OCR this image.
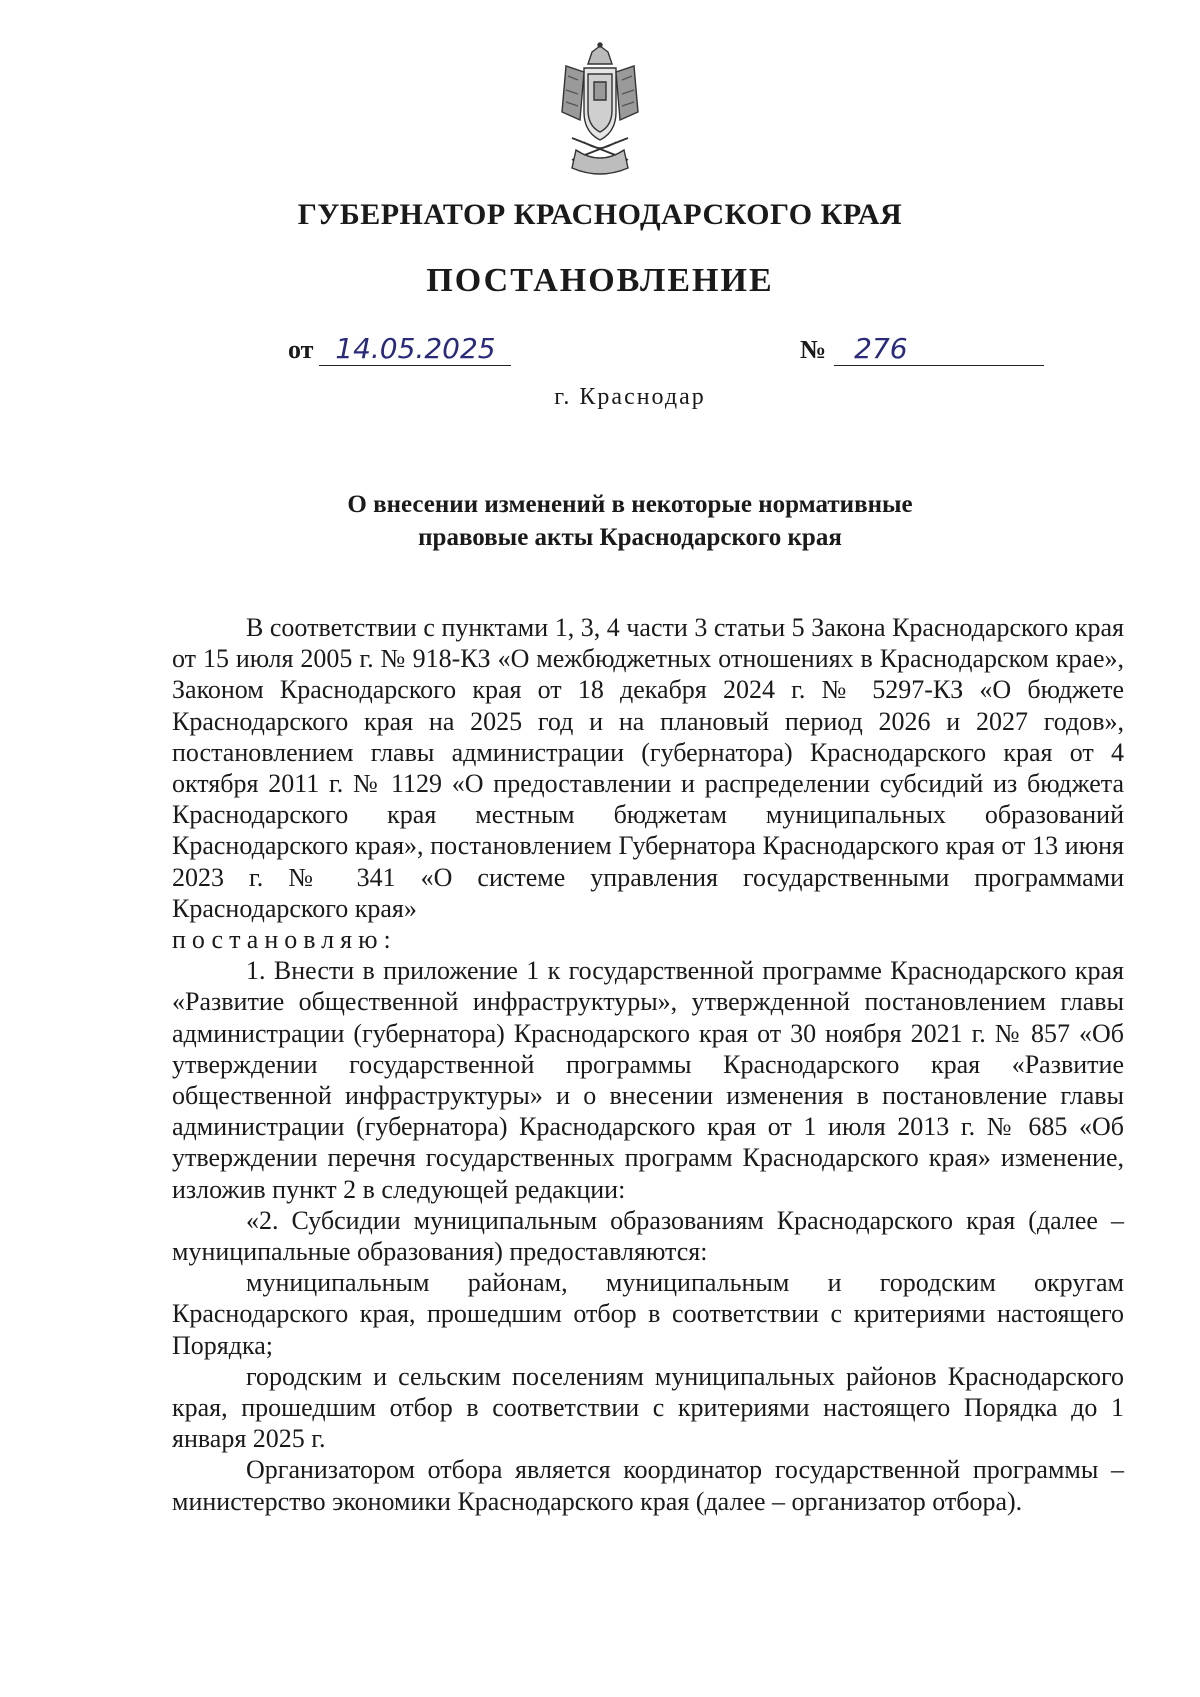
ГУБЕРНАТОР КРАСНОДАРСКОГО КРАЯ
ПОСТАНОВЛЕНИЕ
от 14.05.2025	№ 276
г. Краснодар
О внесении изменений в некоторые нормативные
правовые акты Краснодарского края

В соответствии с пунктами 1, 3, 4 части 3 статьи 5 Закона Краснодарского края от 15 июля 2005 г. № 918-КЗ «О межбюджетных отношениях в Краснодарском крае», Законом Краснодарского края от 18 декабря 2024 г. № 5297-КЗ «О бюджете Краснодарского края на 2025 год и на плановый период 2026 и 2027 годов», постановлением главы администрации (губернатора) Краснодарского края от 4 октября 2011 г. № 1129 «О предоставлении и распределении субсидий из бюджета Краснодарского края местным бюджетам муниципальных образований Краснодарского края», постановлением Губернатора Краснодарского края от 13 июня 2023 г. № 341 «О системе управления государственными программами Краснодарского края»

постановляю:

1. Внести в приложение 1 к государственной программе Краснодарского края «Развитие общественной инфраструктуры», утвержденной постановлением главы администрации (губернатора) Краснодарского края от 30 ноября 2021 г. № 857 «Об утверждении государственной программы Краснодарского края «Развитие общественной инфраструктуры» и о внесении изменения в постановление главы администрации (губернатора) Краснодарского края от 1 июля 2013 г. № 685 «Об утверждении перечня государственных программ Краснодарского края» изменение, изложив пункт 2 в следующей редакции:

«2. Субсидии муниципальным образованиям Краснодарского края (далее – муниципальные образования) предоставляются:

муниципальным районам, муниципальным и городским округам Краснодарского края, прошедшим отбор в соответствии с критериями настоящего Порядка;

городским и сельским поселениям муниципальных районов Краснодарского края, прошедшим отбор в соответствии с критериями настоящего Порядка до 1 января 2025 г.

Организатором отбора является координатор государственной программы – министерство экономики Краснодарского края (далее – организатор отбора).
